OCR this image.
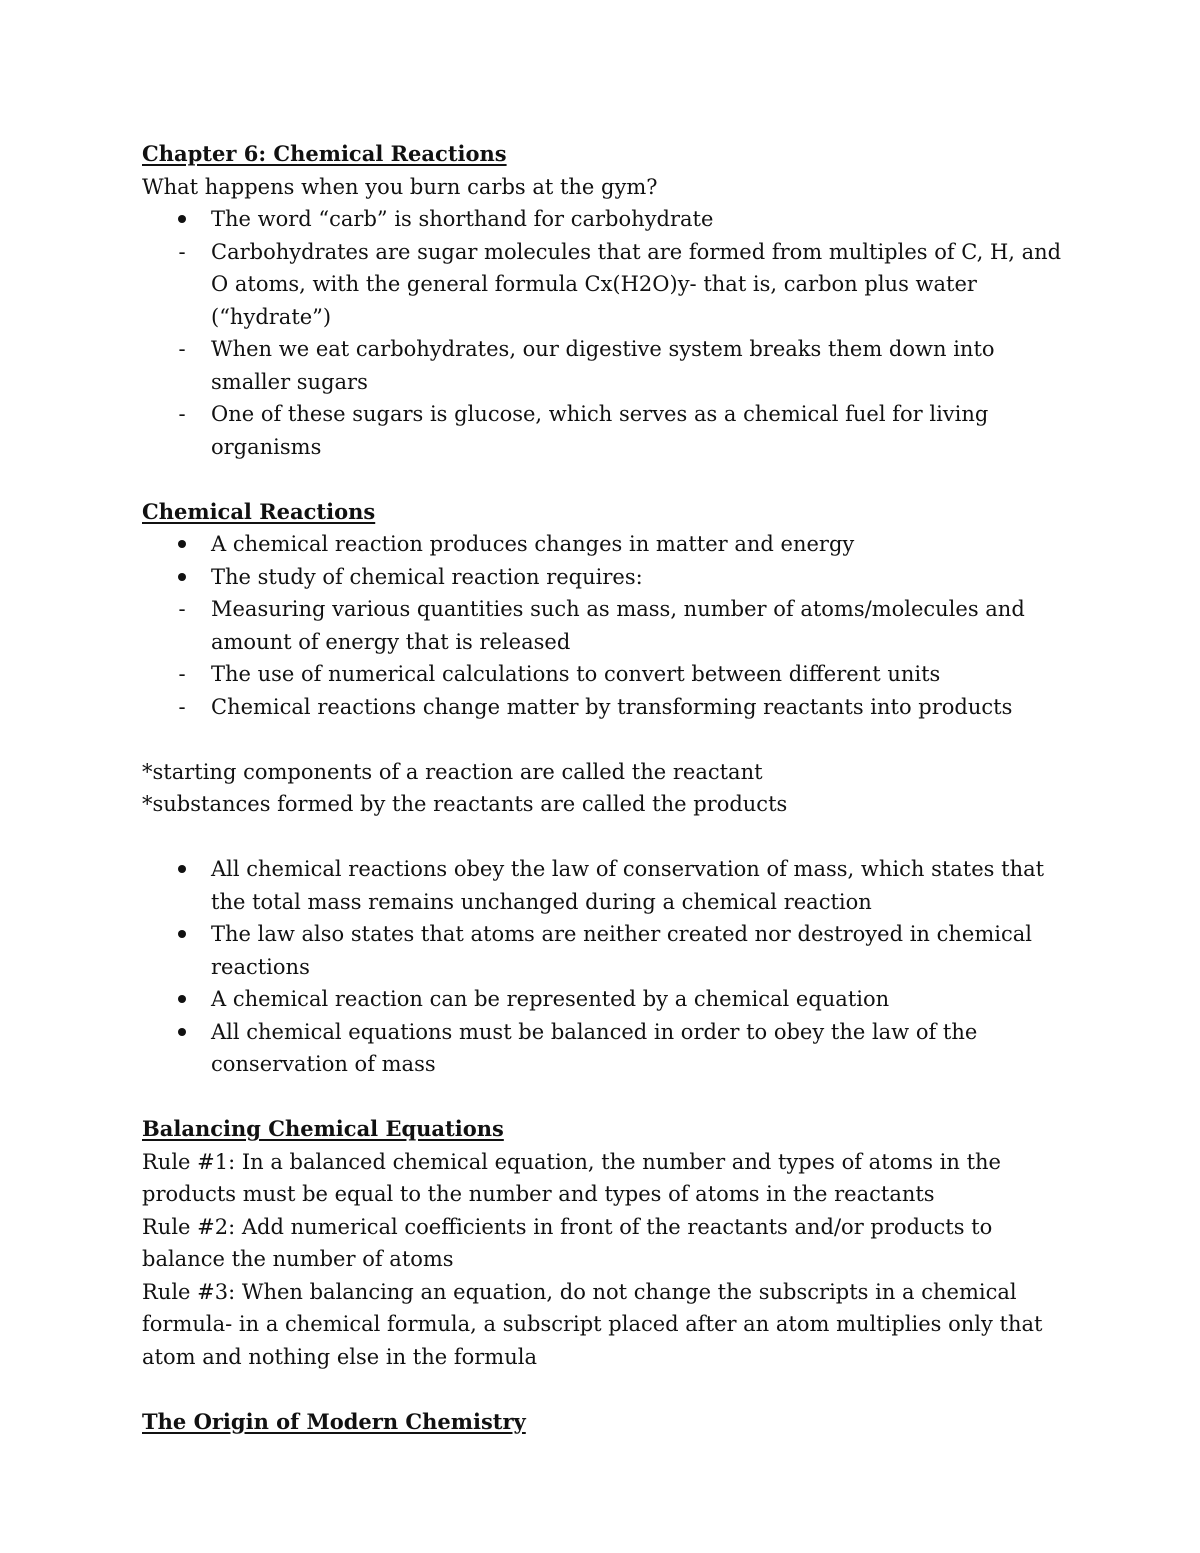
Chapter 6: Chemical Reactions

What happens when you burn carbs at the gym?

The word “carb” is shorthand for carbohydrate
-	Carbohydrates are sugar molecules that are formed from multiples of C, H, and O atoms, with the general formula Cx(H2O)y- that is, carbon plus water (“hydrate”)
-	When we eat carbohydrates, our digestive system breaks them down into smaller sugars
-	One of these sugars is glucose, which serves as a chemical fuel for living organisms

Chemical Reactions

A chemical reaction produces changes in matter and energy
The study of chemical reaction requires:
-	Measuring various quantities such as mass, number of atoms/molecules and amount of energy that is released
-	The use of numerical calculations to convert between different units
-	Chemical reactions change matter by transforming reactants into products

*starting components of a reaction are called the reactant

*substances formed by the reactants are called the products

All chemical reactions obey the law of conservation of mass, which states that the total mass remains unchanged during a chemical reaction
The law also states that atoms are neither created nor destroyed in chemical reactions
A chemical reaction can be represented by a chemical equation
All chemical equations must be balanced in order to obey the law of the conservation of mass

Balancing Chemical Equations

Rule #1: In a balanced chemical equation, the number and types of atoms in the products must be equal to the number and types of atoms in the reactants

Rule #2: Add numerical coefficients in front of the reactants and/or products to balance the number of atoms

Rule #3: When balancing an equation, do not change the subscripts in a chemical formula- in a chemical formula, a subscript placed after an atom multiplies only that atom and nothing else in the formula

The Origin of Modern Chemistry
